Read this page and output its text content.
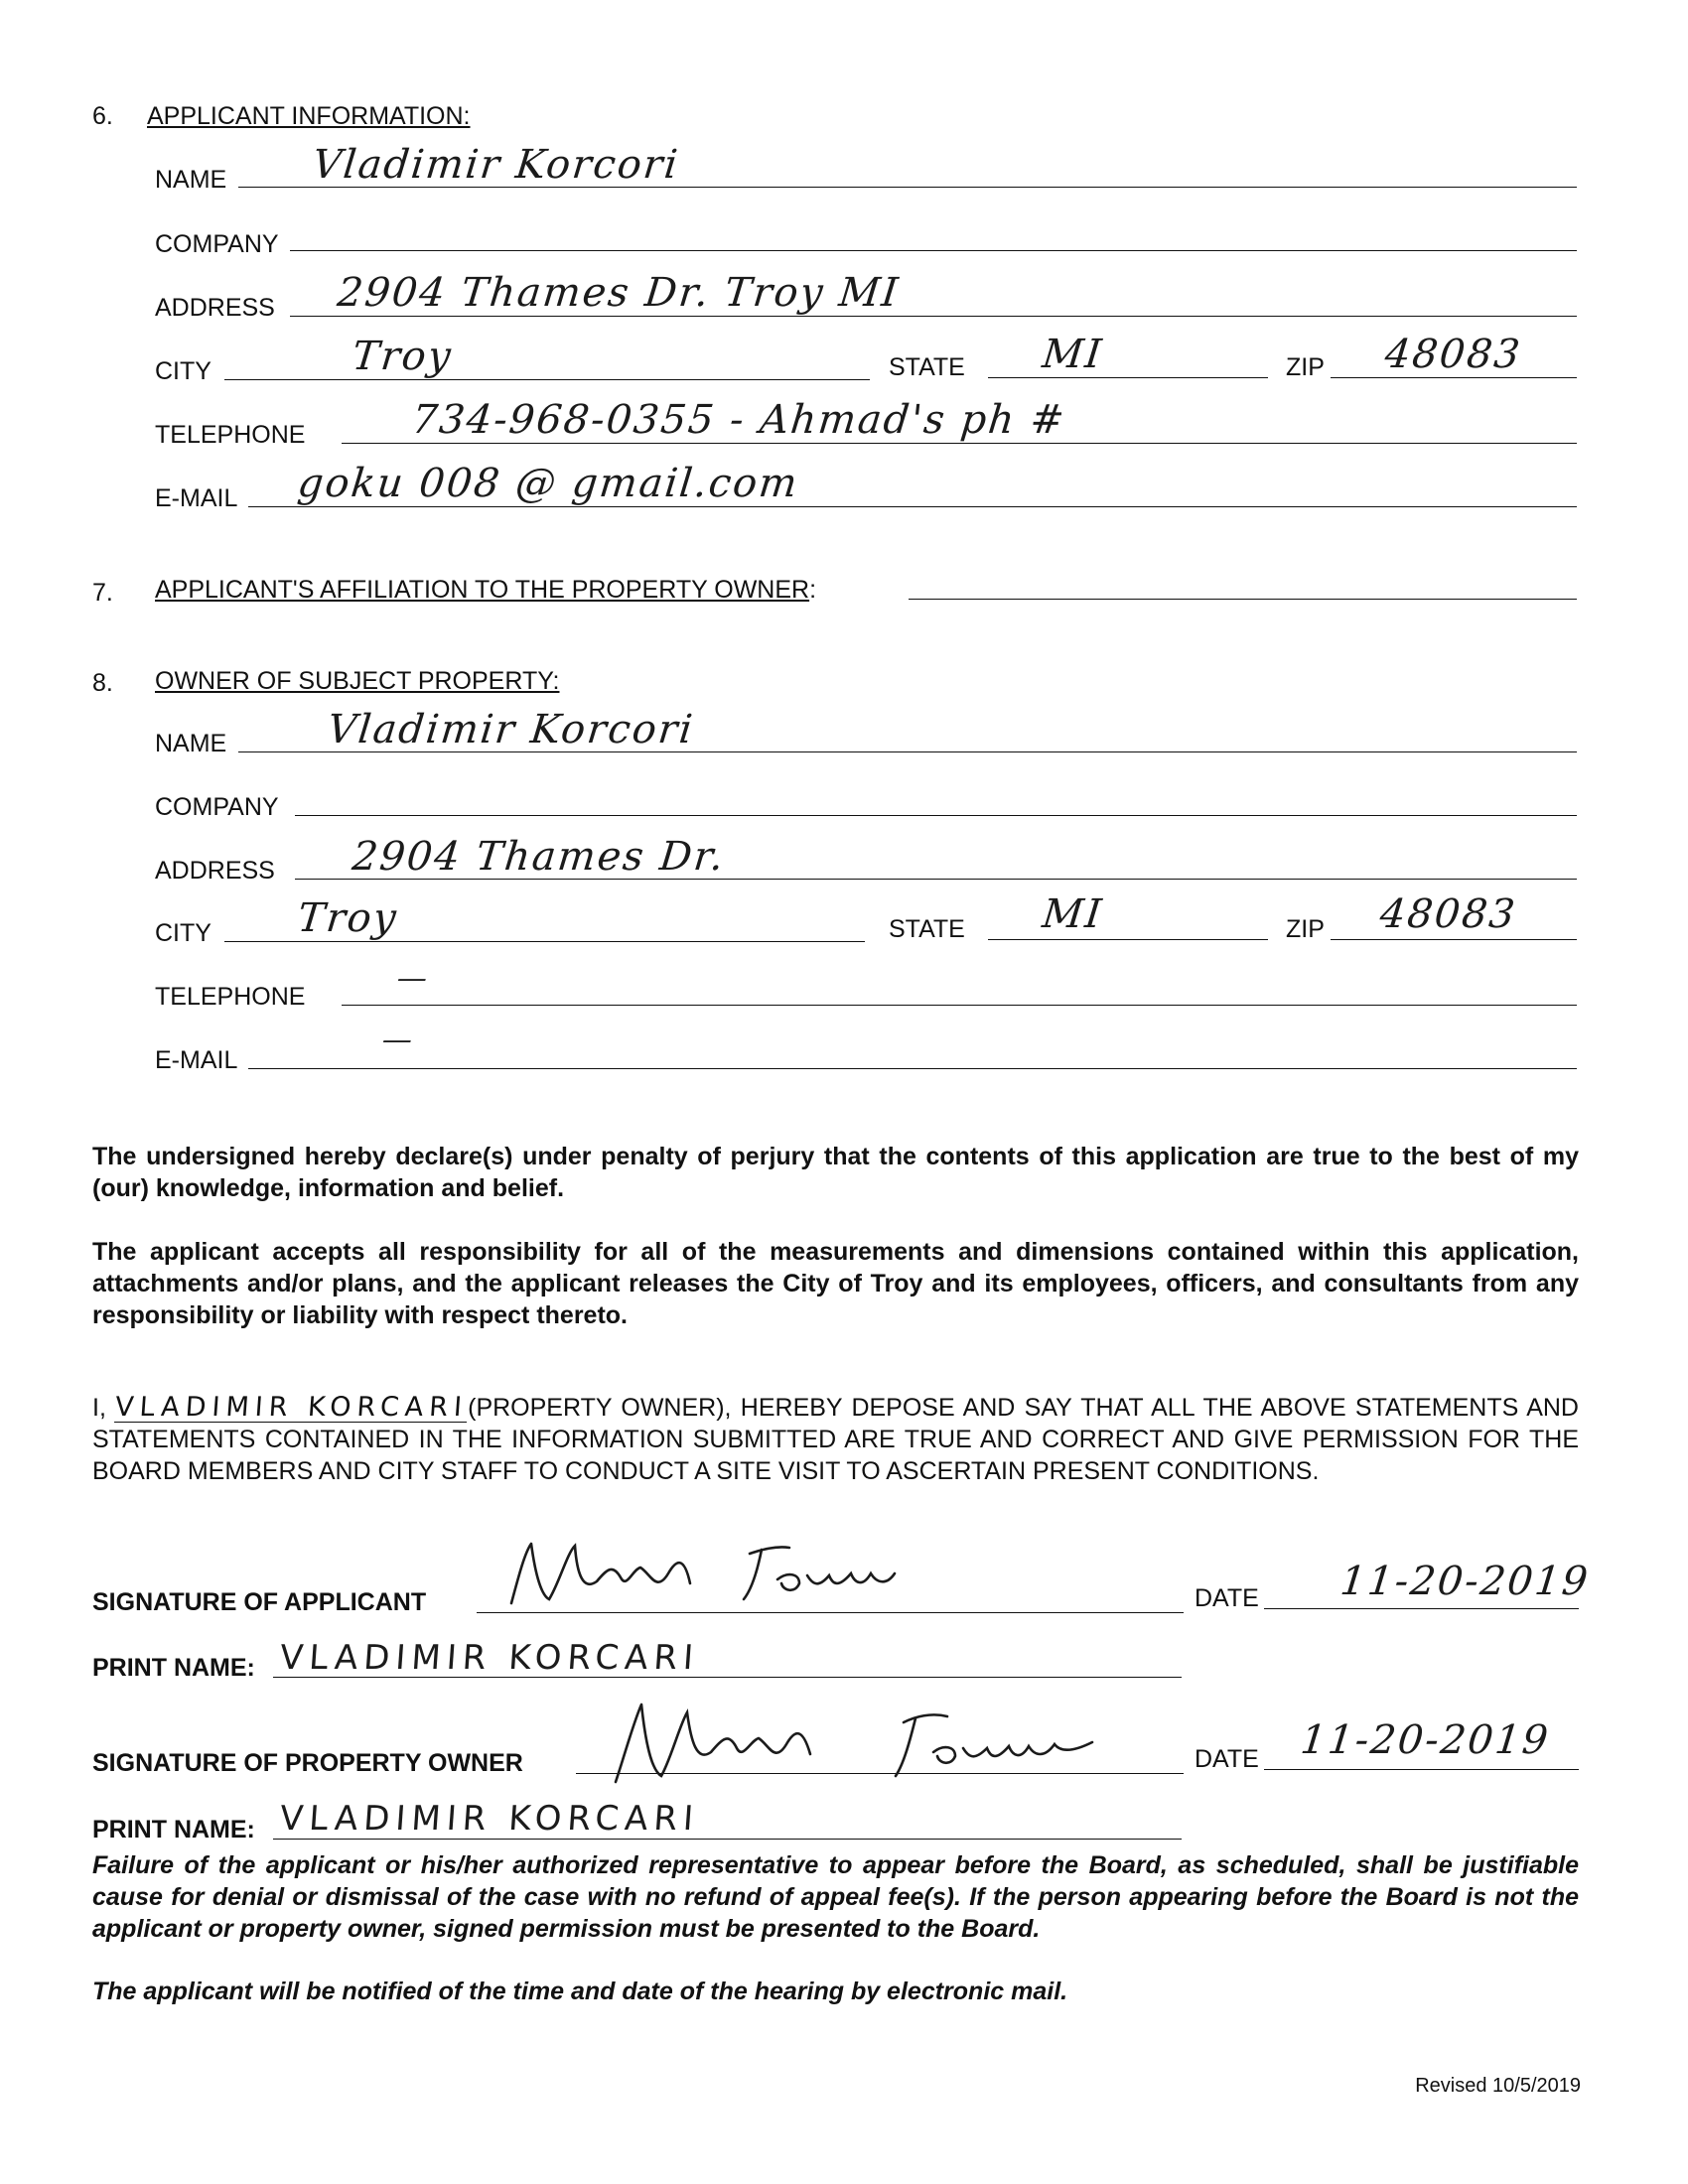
6. APPLICANT INFORMATION:
NAME Vladimir Korcori
COMPANY
ADDRESS 2904 Thames Dr. Troy MI
CITY	Troy	STATE MI	ZIP 48083
TELEPHONE	734-968-0355 - Ahmad's ph #
E-MAIL goku 008 @ gmail.com
7. APPLICANT'S AFFILIATION TO THE PROPERTY OWNER:
8. OWNER OF SUBJECT PROPERTY:
NAME Vladimir Korcori
COMPANY
ADDRESS 2904 Thames Dr.
CITY Troy	STATE MI	ZIP 48083
TELEPHONE
—
E-MAIL
—
The undersigned hereby declare(s) under penalty of perjury that the contents of this application are true to the best of my (our) knowledge, information and belief.
The applicant accepts all responsibility for all of the measurements and dimensions contained within this application, attachments and/or plans, and the applicant releases the City of Troy and its employees, officers, and consultants from any responsibility or liability with respect thereto.
I, VLADIMIR KORCARI(PROPERTY OWNER), HEREBY DEPOSE AND SAY THAT ALL THE ABOVE STATEMENTS AND STATEMENTS CONTAINED IN THE INFORMATION SUBMITTED ARE TRUE AND CORRECT AND GIVE PERMISSION FOR THE BOARD MEMBERS AND CITY STAFF TO CONDUCT A SITE VISIT TO ASCERTAIN PRESENT CONDITIONS.
SIGNATURE OF APPLICANT	DATE 11-20-2019
PRINT NAME: VLADIMIR KORCARI
SIGNATURE OF PROPERTY OWNER	DATE 11-20-2019
PRINT NAME: VLADIMIR KORCARI
Failure of the applicant or his/her authorized representative to appear before the Board, as scheduled, shall be justifiable cause for denial or dismissal of the case with no refund of appeal fee(s). If the person appearing before the Board is not the applicant or property owner, signed permission must be presented to the Board.
The applicant will be notified of the time and date of the hearing by electronic mail.
Revised 10/5/2019
